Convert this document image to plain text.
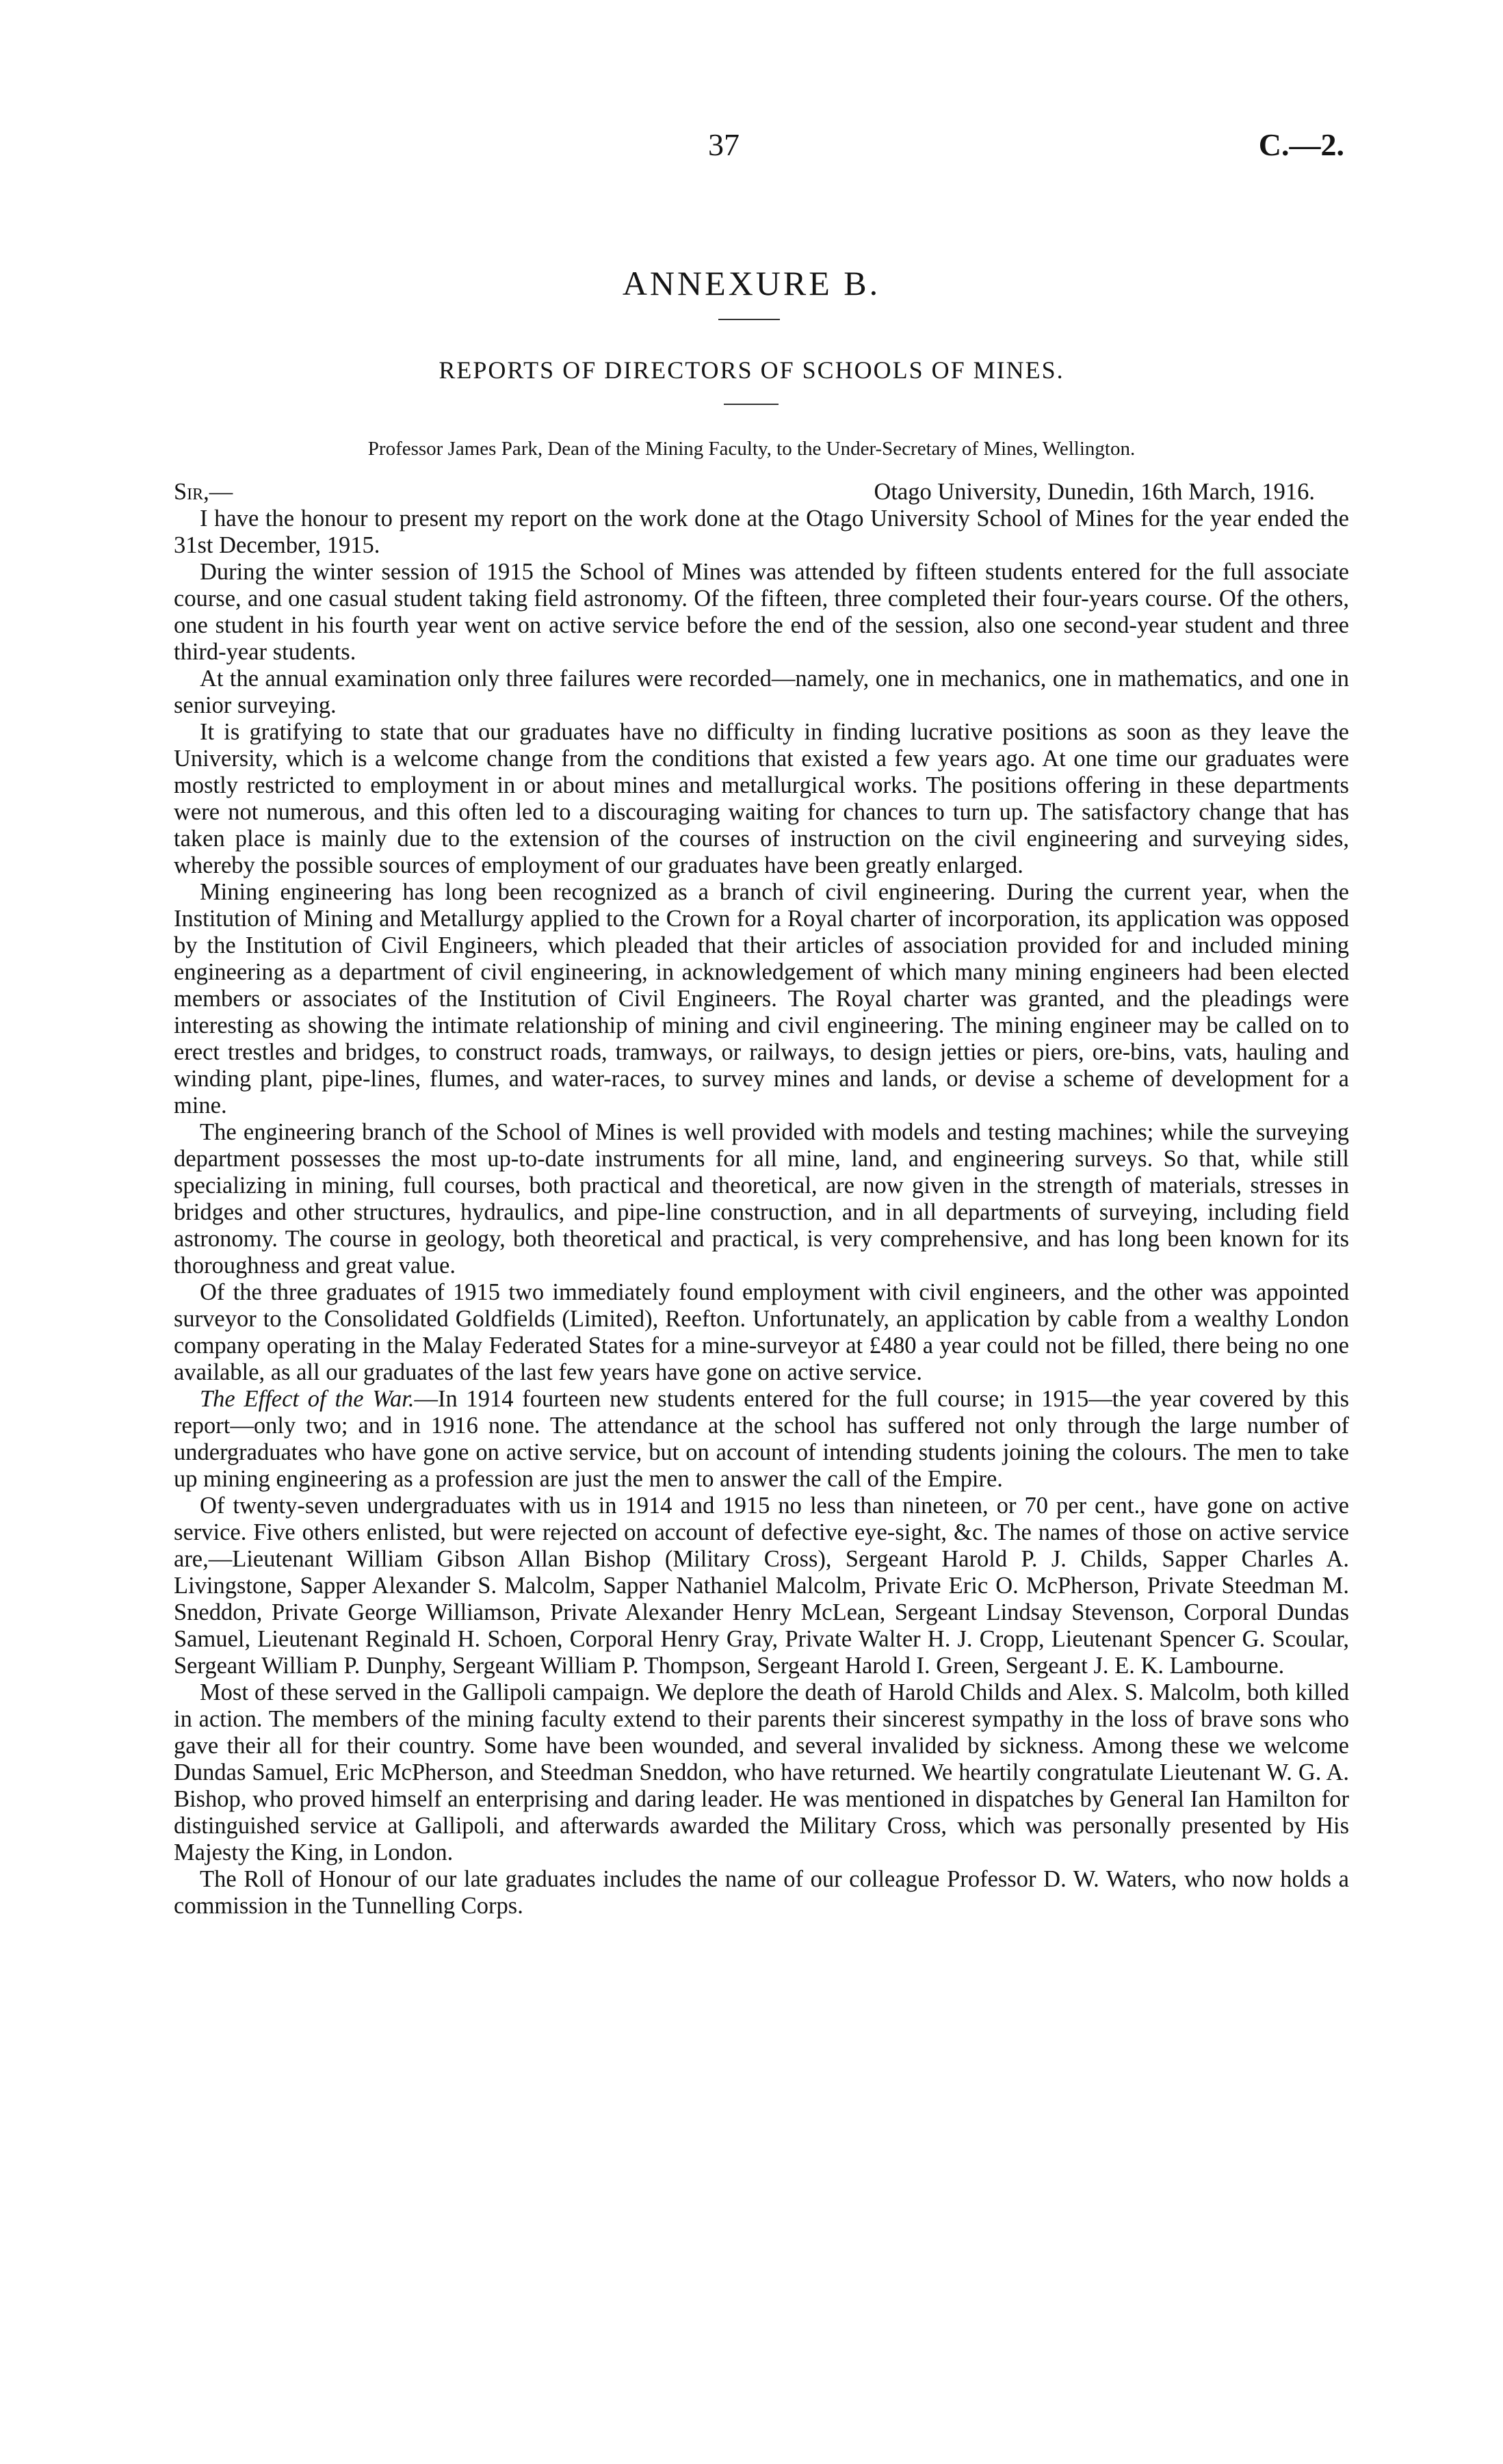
37	C.—2.
ANNEXURE B.
REPORTS OF DIRECTORS OF SCHOOLS OF MINES.
Professor James Park, Dean of the Mining Faculty, to the Under-Secretary of Mines, Wellington.
Sir,—	Otago University, Dunedin, 16th March, 1916.

I have the honour to present my report on the work done at the Otago University School of Mines for the year ended the 31st December, 1915.

During the winter session of 1915 the School of Mines was attended by fifteen students entered for the full associate course, and one casual student taking field astronomy. Of the fifteen, three completed their four-years course. Of the others, one student in his fourth year went on active service before the end of the session, also one second-year student and three third-year students.

At the annual examination only three failures were recorded—namely, one in mechanics, one in mathematics, and one in senior surveying.

It is gratifying to state that our graduates have no difficulty in finding lucrative positions as soon as they leave the University, which is a welcome change from the conditions that existed a few years ago. At one time our graduates were mostly restricted to employment in or about mines and metallurgical works. The positions offering in these departments were not numerous, and this often led to a discouraging waiting for chances to turn up. The satisfactory change that has taken place is mainly due to the extension of the courses of instruction on the civil engineering and surveying sides, whereby the possible sources of employment of our graduates have been greatly enlarged.

Mining engineering has long been recognized as a branch of civil engineering. During the current year, when the Institution of Mining and Metallurgy applied to the Crown for a Royal charter of incorporation, its application was opposed by the Institution of Civil Engineers, which pleaded that their articles of association provided for and included mining engineering as a department of civil engineering, in acknowledgement of which many mining engineers had been elected members or associates of the Institution of Civil Engineers. The Royal charter was granted, and the pleadings were interesting as showing the intimate relationship of mining and civil engineering. The mining engineer may be called on to erect trestles and bridges, to construct roads, tramways, or railways, to design jetties or piers, ore-bins, vats, hauling and winding plant, pipe-lines, flumes, and water-races, to survey mines and lands, or devise a scheme of development for a mine.

The engineering branch of the School of Mines is well provided with models and testing machines; while the surveying department possesses the most up-to-date instruments for all mine, land, and engineering surveys. So that, while still specializing in mining, full courses, both practical and theoretical, are now given in the strength of materials, stresses in bridges and other structures, hydraulics, and pipe-line construction, and in all departments of surveying, including field astronomy. The course in geology, both theoretical and practical, is very comprehensive, and has long been known for its thoroughness and great value.

Of the three graduates of 1915 two immediately found employment with civil engineers, and the other was appointed surveyor to the Consolidated Goldfields (Limited), Reefton. Unfortunately, an application by cable from a wealthy London company operating in the Malay Federated States for a mine-surveyor at £480 a year could not be filled, there being no one available, as all our graduates of the last few years have gone on active service.

The Effect of the War.—In 1914 fourteen new students entered for the full course; in 1915—the year covered by this report—only two; and in 1916 none. The attendance at the school has suffered not only through the large number of undergraduates who have gone on active service, but on account of intending students joining the colours. The men to take up mining engineering as a profession are just the men to answer the call of the Empire.

Of twenty-seven undergraduates with us in 1914 and 1915 no less than nineteen, or 70 per cent., have gone on active service. Five others enlisted, but were rejected on account of defective eye-sight, &c. The names of those on active service are,—Lieutenant William Gibson Allan Bishop (Military Cross), Sergeant Harold P. J. Childs, Sapper Charles A. Livingstone, Sapper Alexander S. Malcolm, Sapper Nathaniel Malcolm, Private Eric O. McPherson, Private Steedman M. Sneddon, Private George Williamson, Private Alexander Henry McLean, Sergeant Lindsay Stevenson, Corporal Dundas Samuel, Lieutenant Reginald H. Schoen, Corporal Henry Gray, Private Walter H. J. Cropp, Lieutenant Spencer G. Scoular, Sergeant William P. Dunphy, Sergeant William P. Thompson, Sergeant Harold I. Green, Sergeant J. E. K. Lambourne.

Most of these served in the Gallipoli campaign. We deplore the death of Harold Childs and Alex. S. Malcolm, both killed in action. The members of the mining faculty extend to their parents their sincerest sympathy in the loss of brave sons who gave their all for their country. Some have been wounded, and several invalided by sickness. Among these we welcome Dundas Samuel, Eric McPherson, and Steedman Sneddon, who have returned. We heartily congratulate Lieutenant W. G. A. Bishop, who proved himself an enterprising and daring leader. He was mentioned in dispatches by General Ian Hamilton for distinguished service at Gallipoli, and afterwards awarded the Military Cross, which was personally presented by His Majesty the King, in London.

The Roll of Honour of our late graduates includes the name of our colleague Professor D. W. Waters, who now holds a commission in the Tunnelling Corps.
